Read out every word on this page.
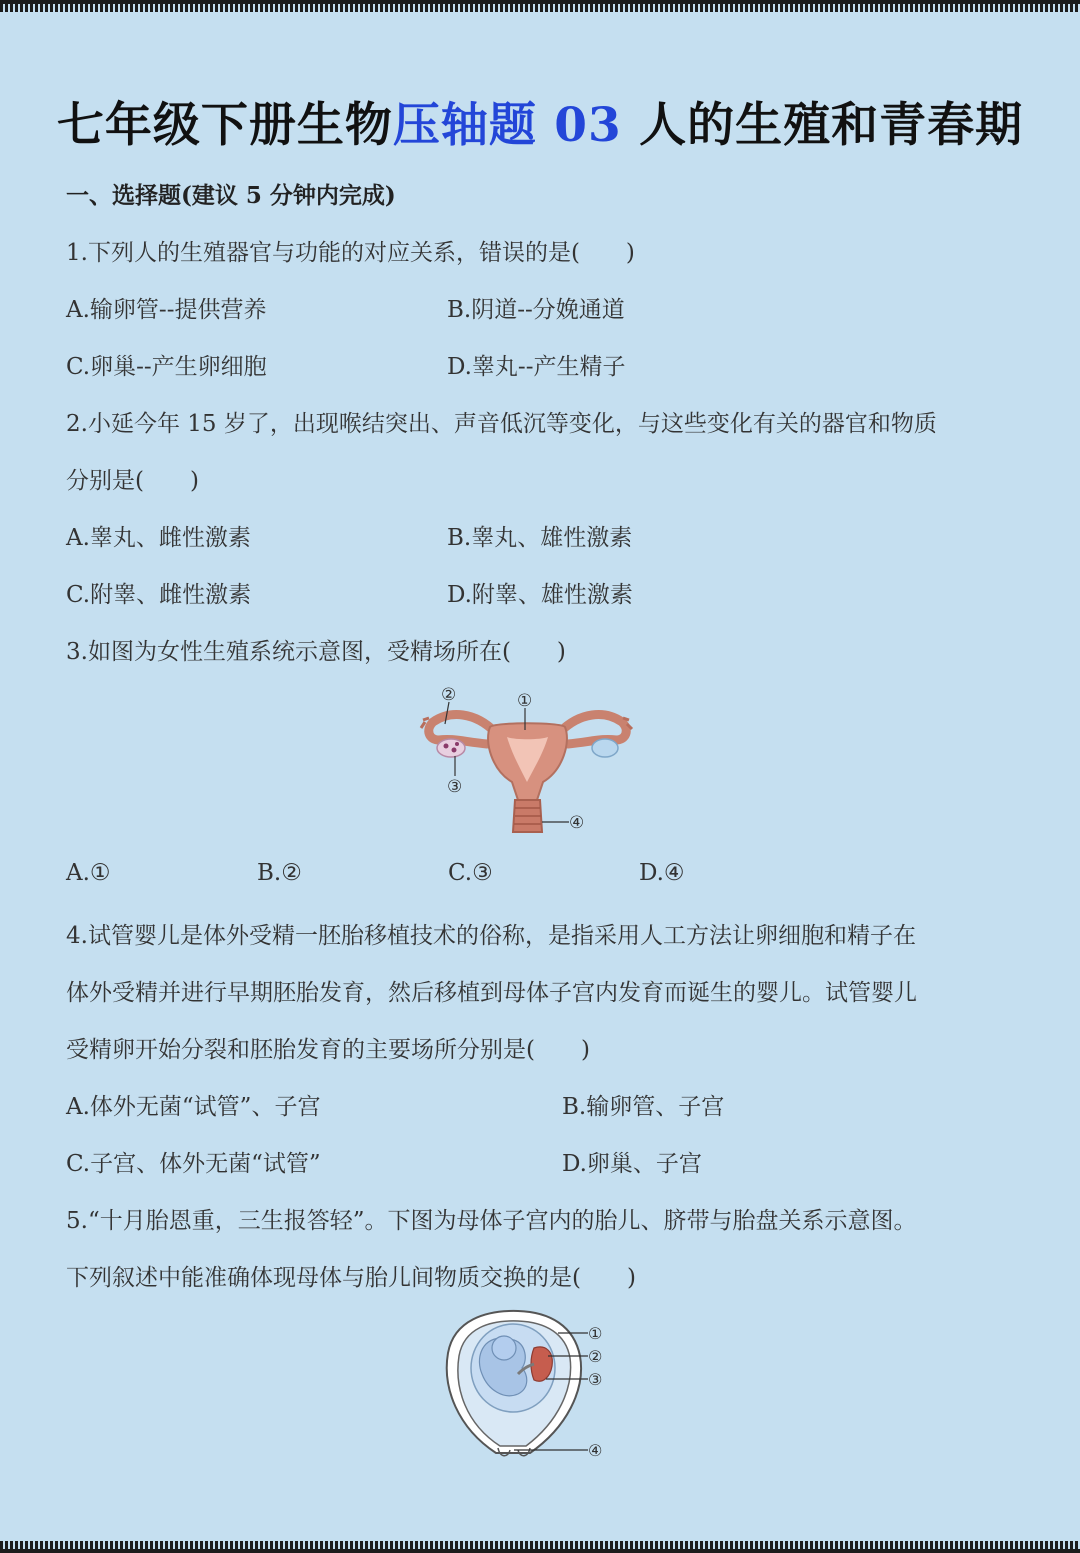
七年级下册生物压轴题 03 人的生殖和青春期
一、选择题(建议 5 分钟内完成)
1.下列人的生殖器官与功能的对应关系，错误的是(　　)
A.输卵管--提供营养	B.阴道--分娩通道
C.卵巢--产生卵细胞	D.睾丸--产生精子
2.小延今年 15 岁了，出现喉结突出、声音低沉等变化，与这些变化有关的器官和物质
分别是(　　)
A.睾丸、雌性激素	B.睾丸、雄性激素
C.附睾、雌性激素	D.附睾、雄性激素
3.如图为女性生殖系统示意图，受精场所在(　　)
①
②
③
④
A.①	B.②	C.③	D.④
4.试管婴儿是体外受精一胚胎移植技术的俗称，是指采用人工方法让卵细胞和精子在
体外受精并进行早期胚胎发育，然后移植到母体子宫内发育而诞生的婴儿。试管婴儿
受精卵开始分裂和胚胎发育的主要场所分别是(　　)
A.体外无菌“试管”、子宫	B.输卵管、子宫
C.子宫、体外无菌“试管”	D.卵巢、子宫
5.“十月胎恩重，三生报答轻”。下图为母体子宫内的胎儿、脐带与胎盘关系示意图。
下列叙述中能准确体现母体与胎儿间物质交换的是(　　)
①
②
③
④
